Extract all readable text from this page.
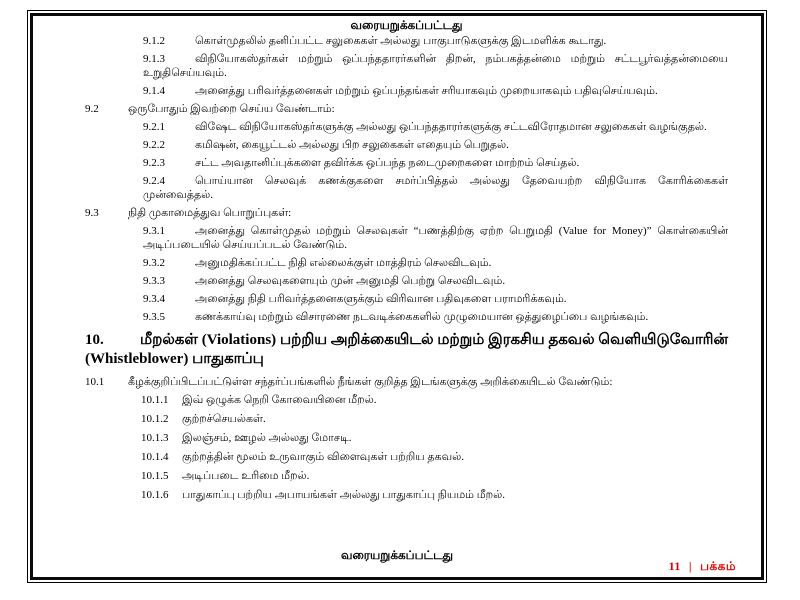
வரையறுக்கப்பட்டது

9.1.2	கொள்முதலில் தனிப்பட்ட சலுகைகள் அல்லது பாகுபாடுகளுக்கு இடமளிக்க கூடாது.

9.1.3	விநியோகஸ்தர்கள் மற்றும் ஒப்பந்ததாரர்களின் திறன், நம்பகத்தன்மை மற்றும் சட்டபூர்வத்தன்மையை உறுதிசெய்யவும்.

9.1.4	அனைத்து பரிவர்த்தனைகள் மற்றும் ஒப்பந்தங்கள் சரியாகவும் முறையாகவும் பதிவுசெய்யவும்.

9.2	ஒருபோதும் இவற்றை செய்ய வேண்டாம்:

9.2.1	விஷேட விநியோகஸ்தர்களுக்கு அல்லது ஒப்பந்ததாரர்களுக்கு சட்டவிரோதமான சலுகைகள் வழங்குதல்.

9.2.2	கமிஷன், கையூட்டல் அல்லது பிற சலுகைகள் எதையும் பெறுதல்.

9.2.3	சட்ட அவதானிப்புக்களை தவிர்க்க ஒப்பந்த நடைமுறைகளை மாற்றம் செய்தல்.

9.2.4	பொய்யான செலவுக் கணக்குகளை சமர்ப்பித்தல் அல்லது தேவையற்ற விநியோக கோரிக்கைகள் முன்வைத்தல்.

9.3	நிதி முகாமைத்துவ பொறுப்புகள்:

9.3.1	அனைத்து கொள்முதல் மற்றும் செலவுகள் “பணத்திற்கு ஏற்ற பெறுமதி (Value for Money)” கொள்கையின் அடிப்படையில் செய்யப்படல் வேண்டும்.

9.3.2	அனுமதிக்கப்பட்ட நிதி எல்லைக்குள் மாத்திரம் செலவிடவும்.

9.3.3	அனைத்து செலவுகளையும் முன் அனுமதி பெற்று செலவிடவும்.

9.3.4	அனைத்து நிதி பரிவர்த்தனைகளுக்கும் விரிவான பதிவுகளை பராமரிக்கவும்.

9.3.5	கணக்காய்வு மற்றும் விசாரணை நடவடிக்கைகளில் முழுமையான ஒத்துழைப்பை வழங்கவும்.

10. மீறல்கள் (Violations) பற்றிய அறிக்கையிடல் மற்றும் இரகசிய தகவல் வெளியிடுவோரின் (Whistleblower) பாதுகாப்பு

10.1 கீழக்குறிப்பிடப்பட்டுள்ள சந்தர்ப்பங்களில் நீங்கள் குறித்த இடங்களுக்கு அறிக்கையிடல் வேண்டும்:

10.1.1 இவ் ஒழுக்க நெறி கோவையினை மீறல்.

10.1.2 குற்றச்செயல்கள்.

10.1.3 இலஞ்சம், ஊழல் அல்லது மோசடி.

10.1.4 குற்றத்தின் மூலம் உருவாகும் விளைவுகள் பற்றிய தகவல்.

10.1.5 அடிப்படை உரிமை மீறல்.

10.1.6 பாதுகாப்பு பற்றிய அபாயங்கள் அல்லது பாதுகாப்பு நியமம் மீறல்.

வரையறுக்கப்பட்டது
11 | பக்கம்
